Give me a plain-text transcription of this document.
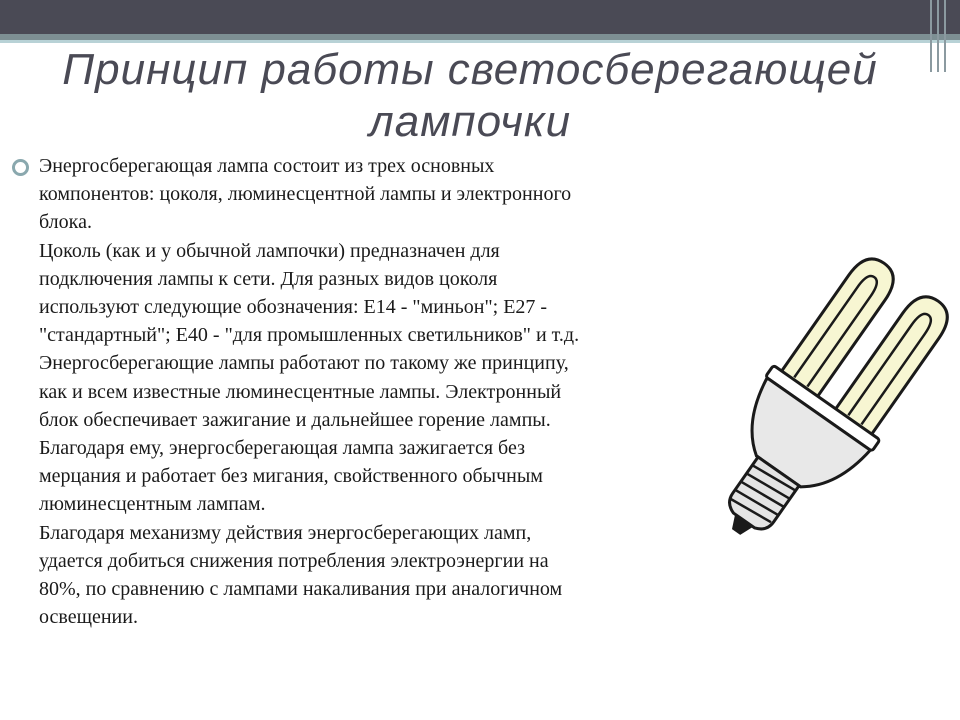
Принцип работы светосберегающей
лампочки

Энергосберегающая лампа состоит из трех основных

компонентов: цоколя, люминесцентной лампы и электронного

блока.

Цоколь (как и у обычной лампочки) предназначен для

подключения лампы к сети. Для разных видов цоколя

используют следующие обозначения: E14 - "миньон"; E27 -

"стандартный"; E40 - "для промышленных светильников" и т.д.

Энергосберегающие лампы работают по такому же принципу,

как и всем известные люминесцентные лампы. Электронный

блок обеспечивает зажигание и дальнейшее горение лампы.

Благодаря ему, энергосберегающая лампа зажигается без

мерцания и работает без мигания, свойственного обычным

люминесцентным лампам.

Благодаря механизму действия энергосберегающих ламп,

удается добиться снижения потребления электроэнергии на

80%, по сравнению с лампами накаливания при аналогичном

освещении.
